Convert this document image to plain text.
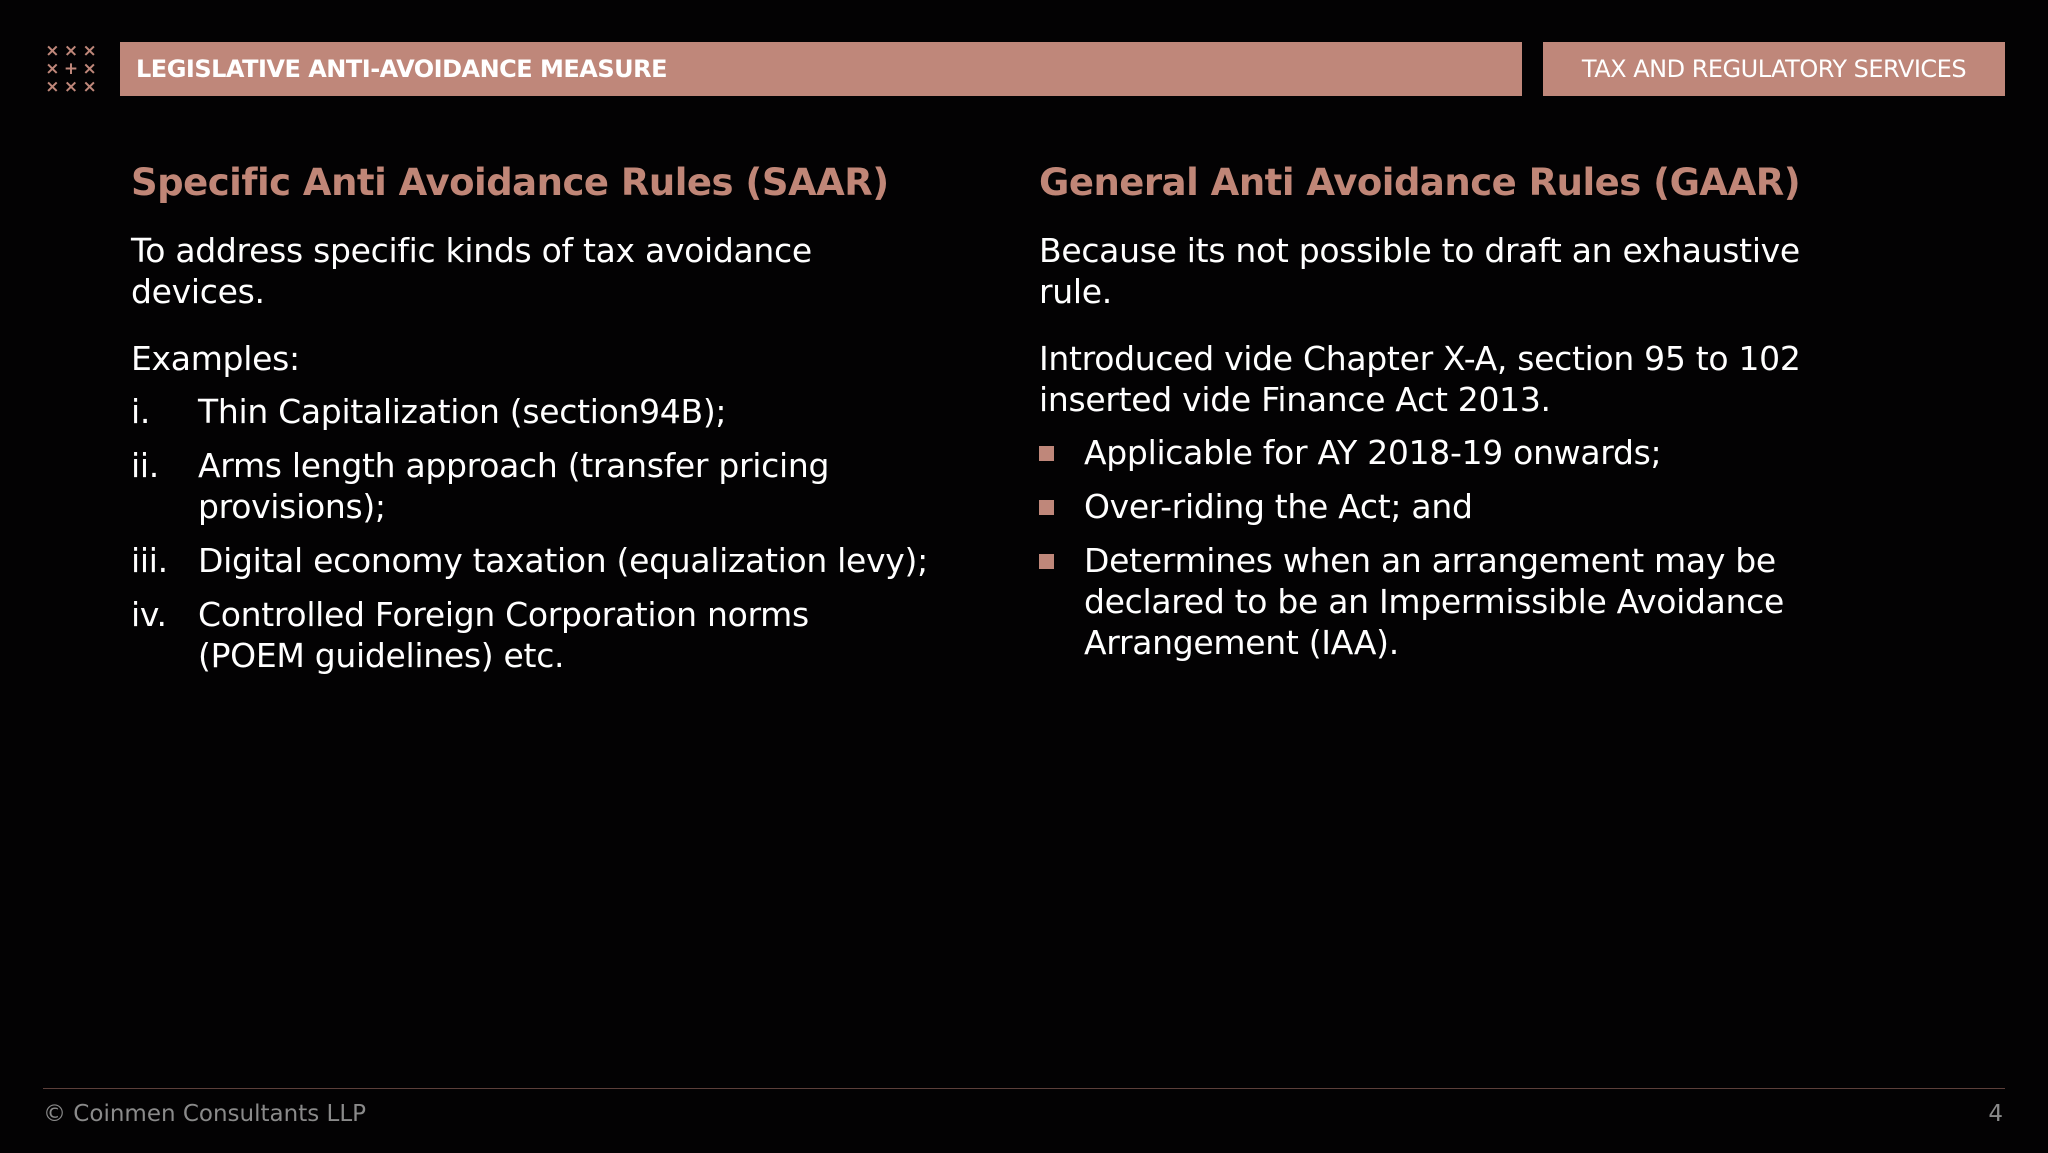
× × ×
× + ×
× × ×
LEGISLATIVE ANTI-AVOIDANCE MEASURE	TAX AND REGULATORY SERVICES
Specific Anti Avoidance Rules (SAAR)

To address specific kinds of tax avoidance devices.

Examples:

i.	Thin Capitalization (section94B);
ii.	Arms length approach (transfer pricing provisions);
iii. Digital economy taxation (equalization levy);
iv. Controlled Foreign Corporation norms (POEM guidelines) etc.
General Anti Avoidance Rules (GAAR)

Because its not possible to draft an exhaustive rule.

Introduced vide Chapter X-A, section 95 to 102 inserted vide Finance Act 2013.

Applicable for AY 2018-19 onwards;
Over-riding the Act; and
Determines when an arrangement may be declared to be an Impermissible Avoidance Arrangement (IAA).
© Coinmen Consultants LLP	4
